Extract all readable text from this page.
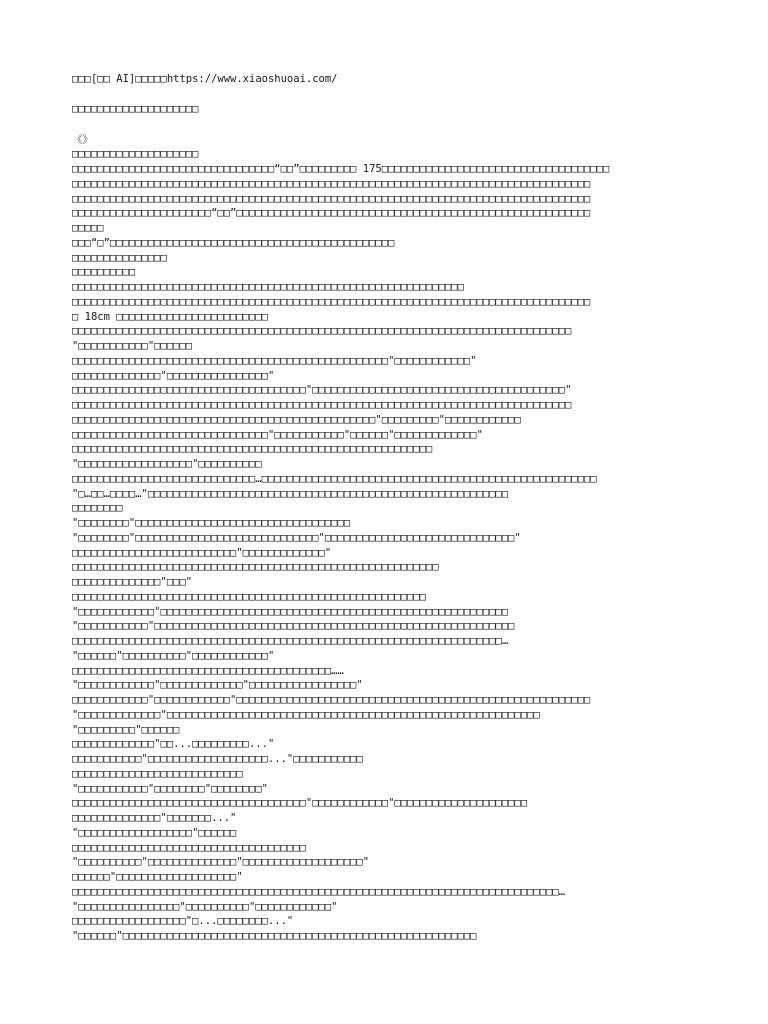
□□□[□□ AI]□□□□□https://www.xiaoshuoai.com/
□□□□□□□□□□□□□□□□□□□□
《》
□□□□□□□□□□□□□□□□□□□□
□□□□□□□□□□□□□□□□□□□□□□□□□□□□□□□□“□□”□□□□□□□□□ 175□□□□□□□□□□□□□□□□□□□□□□□□□□□□□□□□□□□□
□□□□□□□□□□□□□□□□□□□□□□□□□□□□□□□□□□□□□□□□□□□□□□□□□□□□□□□□□□□□□□□□□□□□□□□□□□□□□□□□□□
□□□□□□□□□□□□□□□□□□□□□□□□□□□□□□□□□□□□□□□□□□□□□□□□□□□□□□□□□□□□□□□□□□□□□□□□□□□□□□□□□□
□□□□□□□□□□□□□□□□□□□□□□“□□”□□□□□□□□□□□□□□□□□□□□□□□□□□□□□□□□□□□□□□□□□□□□□□□□□□□□□□□□
□□□□□
□□□“□”□□□□□□□□□□□□□□□□□□□□□□□□□□□□□□□□□□□□□□□□□□□□□
□□□□□□□□□□□□□□□
□□□□□□□□□□
□□□□□□□□□□□□□□□□□□□□□□□□□□□□□□□□□□□□□□□□□□□□□□□□□□□□□□□□□□□□□□
□□□□□□□□□□□□□□□□□□□□□□□□□□□□□□□□□□□□□□□□□□□□□□□□□□□□□□□□□□□□□□□□□□□□□□□□□□□□□□□□□□
□ 18cm □□□□□□□□□□□□□□□□□□□□□□□□
□□□□□□□□□□□□□□□□□□□□□□□□□□□□□□□□□□□□□□□□□□□□□□□□□□□□□□□□□□□□□□□□□□□□□□□□□□□□□□□
"□□□□□□□□□□□"□□□□□□
□□□□□□□□□□□□□□□□□□□□□□□□□□□□□□□□□□□□□□□□□□□□□□□□□□"□□□□□□□□□□□□"
□□□□□□□□□□□□□□"□□□□□□□□□□□□□□□□"
□□□□□□□□□□□□□□□□□□□□□□□□□□□□□□□□□□□□□"□□□□□□□□□□□□□□□□□□□□□□□□□□□□□□□□□□□□□□□□"
□□□□□□□□□□□□□□□□□□□□□□□□□□□□□□□□□□□□□□□□□□□□□□□□□□□□□□□□□□□□□□□□□□□□□□□□□□□□□□□
□□□□□□□□□□□□□□□□□□□□□□□□□□□□□□□□□□□□□□□□□□□□□□□□"□□□□□□□□□"□□□□□□□□□□□□
□□□□□□□□□□□□□□□□□□□□□□□□□□□□□□□"□□□□□□□□□□□"□□□□□□"□□□□□□□□□□□□□"
□□□□□□□□□□□□□□□□□□□□□□□□□□□□□□□□□□□□□□□□□□□□□□□□□□□□□□□□□
"□□□□□□□□□□□□□□□□□□"□□□□□□□□□□
□□□□□□□□□□□□□□□□□□□□□□□□□□□□□…□□□□□□□□□□□□□□□□□□□□□□□□□□□□□□□□□□□□□□□□□□□□□□□□□□□□□
"□…□□…□□□□…"□□□□□□□□□□□□□□□□□□□□□□□□□□□□□□□□□□□□□□□□□□□□□□□□□□□□□□□□□
□□□□□□□□
"□□□□□□□□"□□□□□□□□□□□□□□□□□□□□□□□□□□□□□□□□□□
"□□□□□□□□"□□□□□□□□□□□□□□□□□□□□□□□□□□□□□"□□□□□□□□□□□□□□□□□□□□□□□□□□□□□□"
□□□□□□□□□□□□□□□□□□□□□□□□□□"□□□□□□□□□□□□□"
□□□□□□□□□□□□□□□□□□□□□□□□□□□□□□□□□□□□□□□□□□□□□□□□□□□□□□□□□□
□□□□□□□□□□□□□□"□□□"
□□□□□□□□□□□□□□□□□□□□□□□□□□□□□□□□□□□□□□□□□□□□□□□□□□□□□□□□
"□□□□□□□□□□□□"□□□□□□□□□□□□□□□□□□□□□□□□□□□□□□□□□□□□□□□□□□□□□□□□□□□□□□□
"□□□□□□□□□□□"□□□□□□□□□□□□□□□□□□□□□□□□□□□□□□□□□□□□□□□□□□□□□□□□□□□□□□□□□
□□□□□□□□□□□□□□□□□□□□□□□□□□□□□□□□□□□□□□□□□□□□□□□□□□□□□□□□□□□□□□□□□□□□…
"□□□□□□"□□□□□□□□□□"□□□□□□□□□□□□"
□□□□□□□□□□□□□□□□□□□□□□□□□□□□□□□□□□□□□□□□□……
"□□□□□□□□□□□□"□□□□□□□□□□□□□"□□□□□□□□□□□□□□□□□"
□□□□□□□□□□□□"□□□□□□□□□□□□"□□□□□□□□□□□□□□□□□□□□□□□□□□□□□□□□□□□□□□□□□□□□□□□□□□□□□□□□
"□□□□□□□□□□□□□"□□□□□□□□□□□□□□□□□□□□□□□□□□□□□□□□□□□□□□□□□□□□□□□□□□□□□□□□□□□
"□□□□□□□□□"□□□□□□
□□□□□□□□□□□□□"□□...□□□□□□□□□..."
□□□□□□□□□□□"□□□□□□□□□□□□□□□□□□□..."□□□□□□□□□□□
□□□□□□□□□□□□□□□□□□□□□□□□□□□
"□□□□□□□□□□□"□□□□□□□□"□□□□□□□□"
□□□□□□□□□□□□□□□□□□□□□□□□□□□□□□□□□□□□□"□□□□□□□□□□□□"□□□□□□□□□□□□□□□□□□□□□
□□□□□□□□□□□□□□"□□□□□□□..."
"□□□□□□□□□□□□□□□□□□"□□□□□□
□□□□□□□□□□□□□□□□□□□□□□□□□□□□□□□□□□□□□
"□□□□□□□□□□"□□□□□□□□□□□□□□"□□□□□□□□□□□□□□□□□□□"
□□□□□□"□□□□□□□□□□□□□□□□□□□"
□□□□□□□□□□□□□□□□□□□□□□□□□□□□□□□□□□□□□□□□□□□□□□□□□□□□□□□□□□□□□□□□□□□□□□□□□□□□□…
"□□□□□□□□□□□□□□□□"□□□□□□□□□□"□□□□□□□□□□□□"
□□□□□□□□□□□□□□□□□□"□...□□□□□□□□..."
"□□□□□□"□□□□□□□□□□□□□□□□□□□□□□□□□□□□□□□□□□□□□□□□□□□□□□□□□□□□□□□□
